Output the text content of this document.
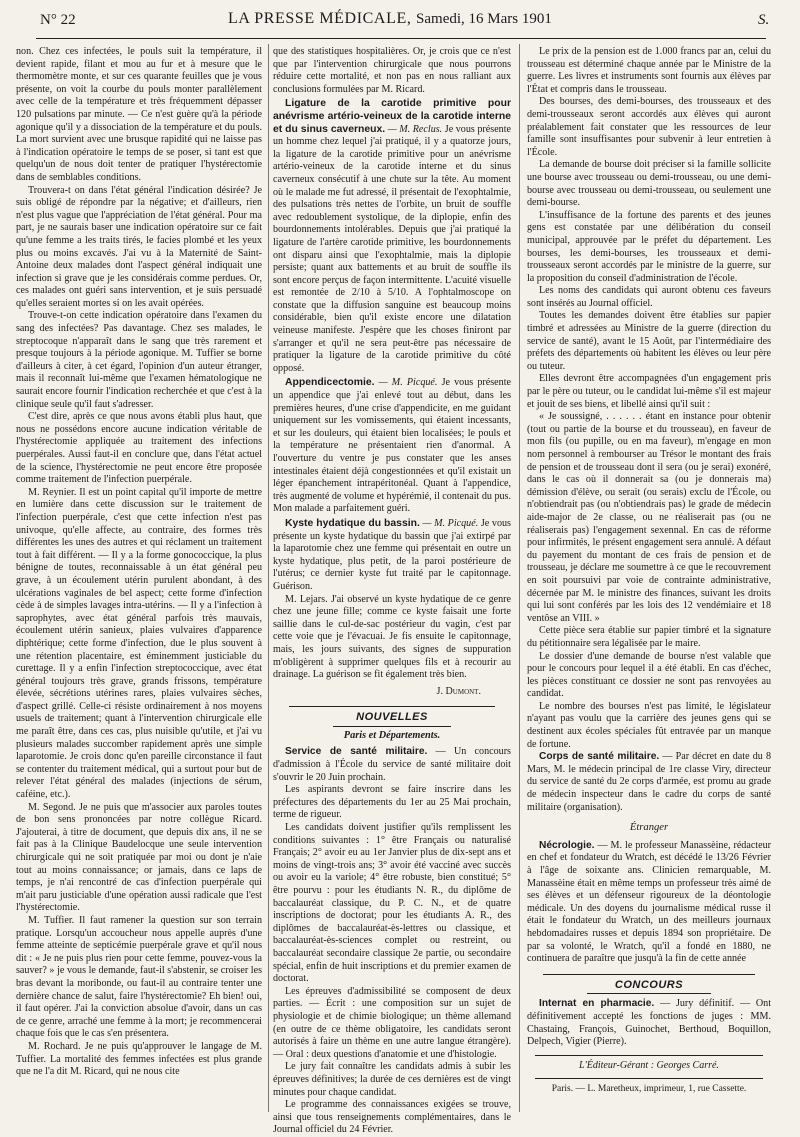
N° 22	LA PRESSE MÉDICALE, Samedi, 16 Mars 1901	S.

non. Chez ces infectées, le pouls suit la température, il devient rapide, filant et mou au fur et à mesure que le thermomètre monte, et sur ces quarante feuilles que je vous présente, on voit la courbe du pouls monter parallèlement avec celle de la température et très fréquemment dépasser 120 pulsations par minute. — Ce n'est guère qu'à la période agonique qu'il y a dissociation de la température et du pouls. La mort survient avec une brusque rapidité qui ne laisse pas à l'indication opératoire le temps de se poser, si tant est que quelqu'un de nous doit tenter de pratiquer l'hystérectomie dans de semblables conditions.

Trouvera-t on dans l'état général l'indication désirée? Je suis obligé de répondre par la négative; et d'ailleurs, rien n'est plus vague que l'appréciation de l'état général. Pour ma part, je ne saurais baser une indication opératoire sur ce fait qu'une femme a les traits tirés, le facies plombé et les yeux plus ou moins excavés. J'ai vu à la Maternité de Saint-Antoine deux malades dont l'aspect général indiquait une infection si grave que je les considérais comme perdues. Or, ces malades ont guéri sans intervention, et je suis persuadé qu'elles seraient mortes si on les avait opérées.

Trouve-t-on cette indication opératoire dans l'examen du sang des infectées? Pas davantage. Chez ses malades, le streptocoque n'apparaît dans le sang que très rarement et presque toujours à la période agonique. M. Tuffier se borne d'ailleurs à citer, à cet égard, l'opinion d'un auteur étranger, mais il reconnaît lui-même que l'examen hématologique ne saurait encore fournir l'indication recherchée et que c'est à la clinique seule qu'il faut s'adresser.

C'est dire, après ce que nous avons établi plus haut, que nous ne possédons encore aucune indication véritable de l'hystérectomie appliquée au traitement des infections puerpérales. Aussi faut-il en conclure que, dans l'état actuel de la science, l'hystérectomie ne peut encore être proposée comme traitement de l'infection puerpérale.

M. Reynier. Il est un point capital qu'il importe de mettre en lumière dans cette discussion sur le traitement de l'infection puerpérale, c'est que cette infection n'est pas univoque, qu'elle affecte, au contraire, des formes très différentes les unes des autres et qui réclament un traitement tout à fait différent. — Il y a la forme gonococcique, la plus bénigne de toutes, reconnaissable à un état général peu grave, à un écoulement utérin purulent abondant, à des ulcérations vaginales de bel aspect; cette forme d'infection cède à de simples lavages intra-utérins. — Il y a l'infection à saprophytes, avec état général parfois très mauvais, écoulement utérin sanieux, plaies vulvaires d'apparence diphtérique; cette forme d'infection, due le plus souvent à une rétention placentaire, est éminemment justiciable du curettage. Il y a enfin l'infection streptococcique, avec état général toujours très grave, grands frissons, température élevée, sécrétions utérines rares, plaies vulvaires sèches, d'aspect grillé. Celle-ci résiste ordinairement à nos moyens usuels de traitement; quant à l'intervention chirurgicale elle me paraît être, dans ces cas, plus nuisible qu'utile, et j'ai vu plusieurs malades succomber rapidement après une simple laparotomie. Je crois donc qu'en pareille circonstance il faut se contenter du traitement médical, qui a surtout pour but de relever l'état général des malades (injections de sérum, caféine, etc.).

M. Segond. Je ne puis que m'associer aux paroles toutes de bon sens prononcées par notre collègue Ricard. J'ajouterai, à titre de document, que depuis dix ans, il ne se fait pas à la Clinique Baudelocque une seule intervention chirurgicale qui ne soit pratiquée par moi ou dont je n'aie tout au moins connaissance; or jamais, dans ce laps de temps, je n'ai rencontré de cas d'infection puerpérale qui m'ait paru justiciable d'une opération aussi radicale que l'est l'hystérectomie.

M. Tuffier. Il faut ramener la question sur son terrain pratique. Lorsqu'un accoucheur nous appelle auprès d'une femme atteinte de septicémie puerpérale grave et qu'il nous dit : « Je ne puis plus rien pour cette femme, pouvez-vous la sauver? » je vous le demande, faut-il s'abstenir, se croiser les bras devant la moribonde, ou faut-il au contraire tenter une dernière chance de salut, faire l'hystérectomie? Eh bien! oui, il faut opérer. J'ai la conviction absolue d'avoir, dans un cas de ce genre, arraché une femme à la mort; je recommencerai chaque fois que le cas s'en présentera.

M. Rochard. Je ne puis qu'approuver le langage de M. Tuffier. La mortalité des femmes infectées est plus grande que ne l'a dit M. Ricard, qui ne nous cite

que des statistiques hospitalières. Or, je crois que ce n'est que par l'intervention chirurgicale que nous pourrons réduire cette mortalité, et non pas en nous ralliant aux conclusions formulées par M. Ricard.

Ligature de la carotide primitive pour anévrisme artério-veineux de la carotide interne et du sinus caverneux. — M. Reclus. Je vous présente un homme chez lequel j'ai pratiqué, il y a quatorze jours, la ligature de la carotide primitive pour un anévrisme artério-veineux de la carotide interne et du sinus caverneux consécutif à une chute sur la tête. Au moment où le malade me fut adressé, il présentait de l'exophtalmie, des pulsations très nettes de l'orbite, un bruit de souffle avec redoublement systolique, de la diplopie, enfin des bourdonnements intolérables. Depuis que j'ai pratiqué la ligature de l'artère carotide primitive, les bourdonnements ont disparu ainsi que l'exophtalmie, mais la diplopie persiste; quant aux battements et au bruit de souffle ils sont encore perçus de façon intermittente. L'acuité visuelle est remontée de 2/10 à 5/10. A l'ophtalmoscope on constate que la diffusion sanguine est beaucoup moins considérable, bien qu'il existe encore une dilatation veineuse manifeste. J'espère que les choses finiront par s'arranger et qu'il ne sera peut-être pas nécessaire de pratiquer la ligature de la carotide primitive du côté opposé.

Appendicectomie. — M. Picqué. Je vous présente un appendice que j'ai enlevé tout au début, dans les premières heures, d'une crise d'appendicite, en me guidant uniquement sur les vomissements, qui étaient incessants, et sur les douleurs, qui étaient bien localisées; le pouls et la température ne présentaient rien d'anormal. A l'ouverture du ventre je pus constater que les anses intestinales étaient déjà congestionnées et qu'il existait un léger épanchement intrapéritonéal. Quant à l'appendice, très augmenté de volume et hypérémié, il contenait du pus. Mon malade a parfaitement guéri.

Kyste hydatique du bassin. — M. Picqué. Je vous présente un kyste hydatique du bassin que j'ai extirpé par la laparotomie chez une femme qui présentait en outre un kyste hydatique, plus petit, de la paroi postérieure de l'utérus; ce dernier kyste fut traité par le capitonnage. Guérison.

M. Lejars. J'ai observé un kyste hydatique de ce genre chez une jeune fille; comme ce kyste faisait une forte saillie dans le cul-de-sac postérieur du vagin, c'est par cette voie que je l'évacuai. Je fis ensuite le capitonnage, mais, les jours suivants, des signes de suppuration m'obligèrent à supprimer quelques fils et à recourir au drainage. La guérison se fit également très bien.

J. Dumont.

NOUVELLES
Paris et Départements.

Service de santé militaire. — Un concours d'admission à l'École du service de santé militaire doit s'ouvrir le 20 Juin prochain.

Les aspirants devront se faire inscrire dans les préfectures des départements du 1er au 25 Mai prochain, terme de rigueur.

Les candidats doivent justifier qu'ils remplissent les conditions suivantes : 1° être Français ou naturalisé Français; 2° avoir eu au 1er Janvier plus de dix-sept ans et moins de vingt-trois ans; 3° avoir été vacciné avec succès ou avoir eu la variole; 4° être robuste, bien constitué; 5° être pourvu : pour les étudiants N. R., du diplôme de baccalauréat classique, du P. C. N., et de quatre inscriptions de doctorat; pour les étudiants A. R., des diplômes de baccalauréat-ès-lettres ou classique, et baccalauréat-ès-sciences complet ou restreint, ou baccalauréat secondaire classique 2e partie, ou secondaire spécial, enfin de huit inscriptions et du premier examen de doctorat.

Les épreuves d'admissibilité se composent de deux parties. — Écrit : une composition sur un sujet de physiologie et de chimie biologique; un thème allemand (en outre de ce thème obligatoire, les candidats seront autorisés à faire un thème en une autre langue étrangère). — Oral : deux questions d'anatomie et une d'histologie.

Le jury fait connaître les candidats admis à subir les épreuves définitives; la durée de ces dernières est de vingt minutes pour chaque candidat.

Le programme des connaissances exigées se trouve, ainsi que tous renseignements complémentaires, dans le Journal officiel du 24 Février.

Le prix de la pension est de 1.000 francs par an, celui du trousseau est déterminé chaque année par le Ministre de la guerre. Les livres et instruments sont fournis aux élèves par l'État et compris dans le trousseau.

Des bourses, des demi-bourses, des trousseaux et des demi-trousseaux seront accordés aux élèves qui auront préalablement fait constater que les ressources de leur famille sont insuffisantes pour subvenir à leur entretien à l'École.

La demande de bourse doit préciser si la famille sollicite une bourse avec trousseau ou demi-trousseau, ou une demi-bourse avec trousseau ou demi-trousseau, ou seulement une demi-bourse.

L'insuffisance de la fortune des parents et des jeunes gens est constatée par une délibération du conseil municipal, approuvée par le préfet du département. Les bourses, les demi-bourses, les trousseaux et demi-trousseaux seront accordés par le ministre de la guerre, sur la proposition du conseil d'administration de l'école.

Les noms des candidats qui auront obtenu ces faveurs sont insérés au Journal officiel.

Toutes les demandes doivent être établies sur papier timbré et adressées au Ministre de la guerre (direction du service de santé), avant le 15 Août, par l'intermédiaire des préfets des départements où habitent les élèves ou leur père ou tuteur.

Elles devront être accompagnées d'un engagement pris par le père ou tuteur, ou le candidat lui-même s'il est majeur et jouit de ses biens, et libellé ainsi qu'il suit :

« Je soussigné, . . . . . . étant en instance pour obtenir (tout ou partie de la bourse et du trousseau), en faveur de mon fils (ou pupille, ou en ma faveur), m'engage en mon nom personnel à rembourser au Trésor le montant des frais de pension et de trousseau dont il sera (ou je serai) exonéré, dans le cas où il donnerait sa (ou je donnerais ma) démission d'élève, ou serait (ou serais) exclu de l'École, ou n'obtiendrait pas (ou n'obtiendrais pas) le grade de médecin aide-major de 2e classe, ou ne réaliserait pas (ou ne réaliserais pas) l'engagement sexennal. En cas de réforme pour infirmités, le présent engagement sera annulé. A défaut du payement du montant de ces frais de pension et de trousseau, je déclare me soumettre à ce que le recouvrement en soit poursuivi par voie de contrainte administrative, décernée par M. le ministre des finances, suivant les droits qui lui sont conférés par les lois des 12 vendémiaire et 18 ventôse an VIII. »

Cette pièce sera établie sur papier timbré et la signature du pétitionnaire sera légalisée par le maire.

Le dossier d'une demande de bourse n'est valable que pour le concours pour lequel il a été établi. En cas d'échec, les pièces constituant ce dossier ne sont pas renvoyées au candidat.

Le nombre des bourses n'est pas limité, le législateur n'ayant pas voulu que la carrière des jeunes gens qui se destinent aux écoles spéciales fût entravée par un manque de fortune.

Corps de santé militaire. — Par décret en date du 8 Mars, M. le médecin principal de 1re classe Viry, directeur du service de santé du 2e corps d'armée, est promu au grade de médecin inspecteur dans le cadre du corps de santé militaire (organisation).

Étranger

Nécrologie. — M. le professeur Manassèine, rédacteur en chef et fondateur du Wratch, est décédé le 13/26 Février à l'âge de soixante ans. Clinicien remarquable, M. Manassèine était en même temps un professeur très aimé de ses élèves et un défenseur rigoureux de la déontologie médicale. Un des doyens du journalisme médical russe il était le fondateur du Wratch, un des meilleurs journaux hebdomadaires russes et depuis 1894 son propriétaire. De par sa volonté, le Wratch, qu'il a fondé en 1880, ne continuera de paraître que jusqu'à la fin de cette année

CONCOURS

Internat en pharmacie. — Jury définitif. — Ont définitivement accepté les fonctions de juges : MM. Chastaing, François, Guinochet, Berthoud, Boquillon, Delpech, Vigier (Pierre).

L'Éditeur-Gérant : Georges Carré.

Paris. — L. Maretheux, imprimeur, 1, rue Cassette.
